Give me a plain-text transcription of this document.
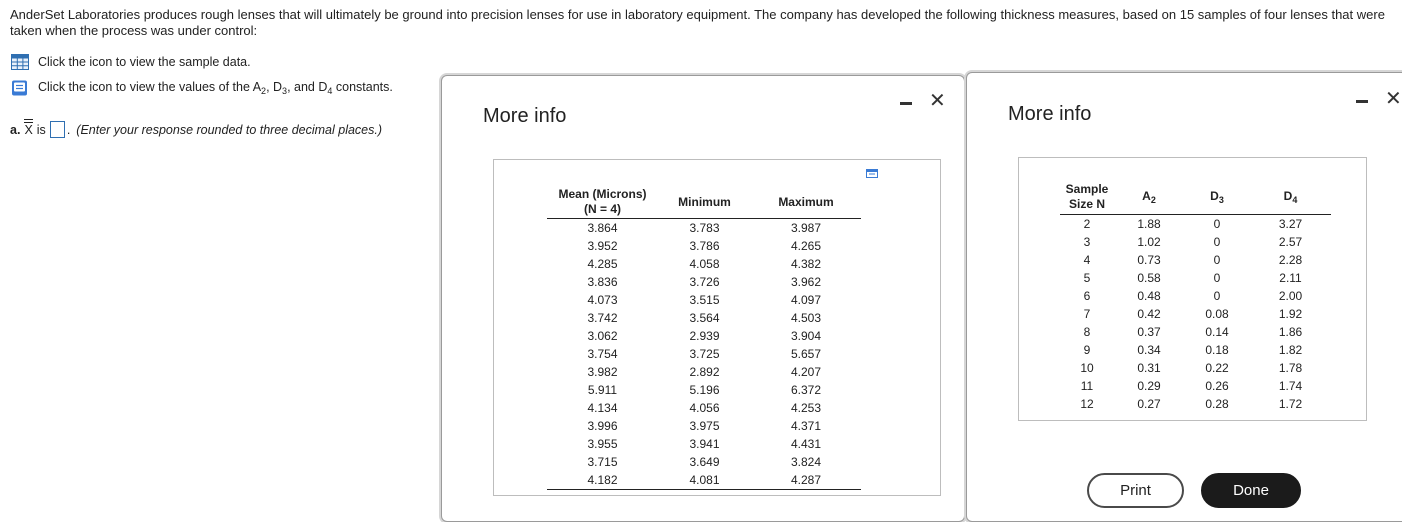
AnderSet Laboratories produces rough lenses that will ultimately be ground into precision lenses for use in laboratory equipment. The company has developed the following thickness measures, based on 15 samples of four lenses that were taken when the process was under control:
Click the icon to view the sample data.
Click the icon to view the values of the $A_2$, $D_3$, and $D_4$ constants.
a. X is . (Enter your response rounded to three decimal places.)
More info
✕
Mean (Microns)
(N = 4)	Minimum	Maximum
3.864	3.783	3.987
3.952	3.786	4.265
4.285	4.058	4.382
3.836	3.726	3.962
4.073	3.515	4.097
3.742	3.564	4.503
3.062	2.939	3.904
3.754	3.725	5.657
3.982	2.892	4.207
5.911	5.196	6.372
4.134	4.056	4.253
3.996	3.975	4.371
3.955	3.941	4.431
3.715	3.649	3.824
4.182	4.081	4.287
More info
✕
Sample
Size N	$A_2$	$D_3$	$D_4$
2	1.88	0	3.27
3	1.02	0	2.57
4	0.73	0	2.28
5	0.58	0	2.11
6	0.48	0	2.00
7	0.42	0.08	1.92
8	0.37	0.14	1.86
9	0.34	0.18	1.82
10	0.31	0.22	1.78
11	0.29	0.26	1.74
12	0.27	0.28	1.72
Print	Done
